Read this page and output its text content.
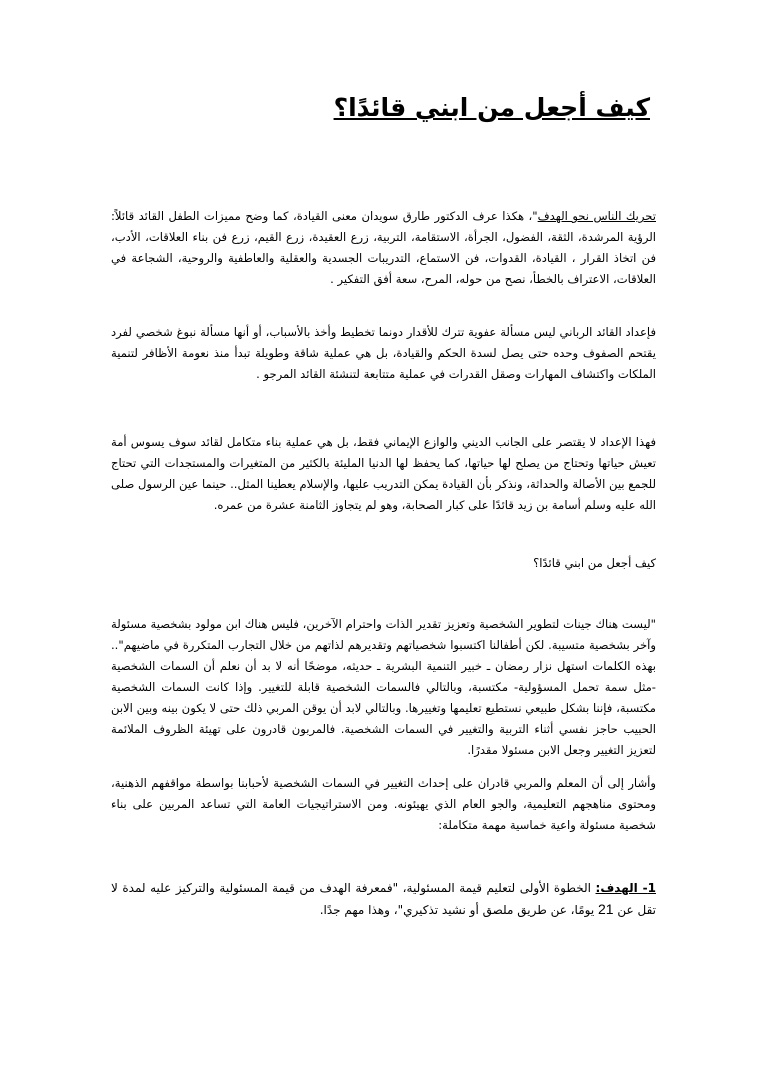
كيف أجعل من ابني قائدًا؟
تحريك الناس نحو الهدف"، هكذا عرف الدكتور طارق سويدان معنى القيادة، كما وضح مميزات الطفل القائد قائلاً: الرؤية المرشدة، الثقة، الفضول، الجرأة، الاستقامة، التربية، زرع العقيدة، زرع القيم، زرع فن بناء العلاقات، الأدب، فن اتخاذ القرار ، القيادة، القدوات، فن الاستماع، التدريبات الجسدية والعقلية والعاطفية والروحية، الشجاعة في العلاقات، الاعتراف بالخطأ، نصح من حوله، المرح، سعة أفق التفكير .
فإعداد القائد الرباني ليس مسألة عفوية تترك للأقدار دونما تخطيط وأخذ بالأسباب، أو أنها مسألة نبوغ شخصي لفرد يقتحم الصفوف وحده حتى يصل لسدة الحكم والقيادة، بل هي عملية شاقة وطويلة تبدأ منذ نعومة الأظافر لتنمية الملكات واكتشاف المهارات وصقل القدرات في عملية متتابعة لتنشئة القائد المرجو .
فهذا الإعداد لا يقتصر على الجانب الديني والوازع الإيماني فقط، بل هي عملية بناء متكامل لقائد سوف يسوس أمة تعيش حياتها وتحتاج من يصلح لها حياتها، كما يحفظ لها الدنيا المليئة بالكثير من المتغيرات والمستجدات التي تحتاج للجمع بين الأصالة والحداثة، ونذكر بأن القيادة يمكن التدريب عليها، والإسلام يعطينا المثل.. حينما عين الرسول صلى الله عليه وسلم أسامة بن زيد قائدًا على كبار الصحابة، وهو لم يتجاوز الثامنة عشرة من عمره.
كيف أجعل من ابني قائدًا؟
"ليست هناك جينات لتطوير الشخصية وتعزيز تقدير الذات واحترام الآخرين، فليس هناك ابن مولود بشخصية مسئولة وآخر بشخصية متسيبة. لكن أطفالنا اكتسبوا شخصياتهم وتقديرهم لذاتهم من خلال التجارب المتكررة في ماضيهم".. بهذه الكلمات استهل نزار رمضان ـ خبير التنمية البشرية ـ حديثه، موضحًا أنه لا بد أن نعلم أن السمات الشخصية -مثل سمة تحمل المسؤولية- مكتسبة، وبالتالي فالسمات الشخصية قابلة للتغيير. وإذا كانت السمات الشخصية مكتسبة، فإننا بشكل طبيعي نستطيع تعليمها وتغييرها. وبالتالي لابد أن يوقن المربي ذلك حتى لا يكون بينه وبين الابن الحبيب حاجز نفسي أثناء التربية والتغيير في السمات الشخصية. فالمربون قادرون على تهيئة الظروف الملائمة لتعزيز التغيير وجعل الابن مسئولا مقدرًا.
وأشار إلى أن المعلم والمربي قادران على إحداث التغيير في السمات الشخصية لأحبابنا بواسطة مواقفهم الذهنية، ومحتوى مناهجهم التعليمية، والجو العام الذي يهيئونه. ومن الاستراتيجيات العامة التي تساعد المربين على بناء شخصية مسئولة واعية خماسية مهمة متكاملة:
1- الهدف: الخطوة الأولى لتعليم قيمة المسئولية، "فمعرفة الهدف من قيمة المسئولية والتركيز عليه لمدة لا تقل عن 21 يومًا، عن طريق ملصق أو نشيد تذكيري"، وهذا مهم جدًا.
